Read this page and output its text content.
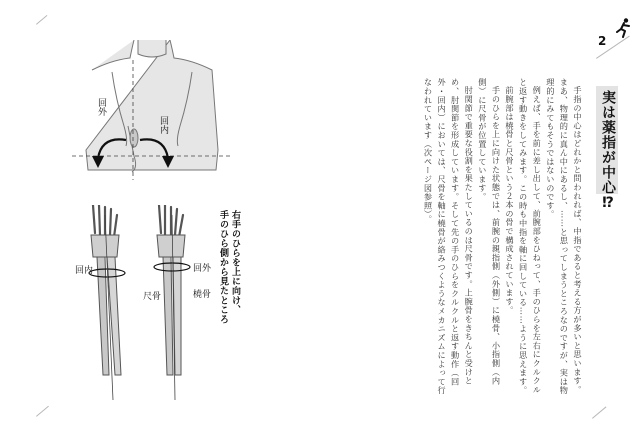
回外
回内
回内	回外
尺骨	橈骨 右手のひらを上に向け、
手のひら側から見たところ	手指の中心はどれかと問われれば、中指であると考える方が多いと思います。まあ、物理的に真ん中にあるし、……と思ってしまうところなのですが、実は物理的にみてもそうではないのです。

例えば、手を前に差し出して、前腕部をひねって、手のひらを左右にクルクルと返す動きをしてみます。この時も中指を軸に回している……ように思えます。

前腕部は橈骨と尺骨という２本の骨で構成されています。

手のひらを上に向けた状態では、前腕の親指側（外側）に橈骨、小指側（内側）に尺骨が位置しています。

肘関節で重要な役割を果たしているのは尺骨です。上腕骨をきちんと受けとめ、肘関節を形成しています。そして先の手のひらをクルクルと返す動作（回外・回内）においては、尺骨を軸に橈骨が絡みつくようなメカニズムによって行なわれています（次ページ図参照）。

2
実は薬指が中心⁉
